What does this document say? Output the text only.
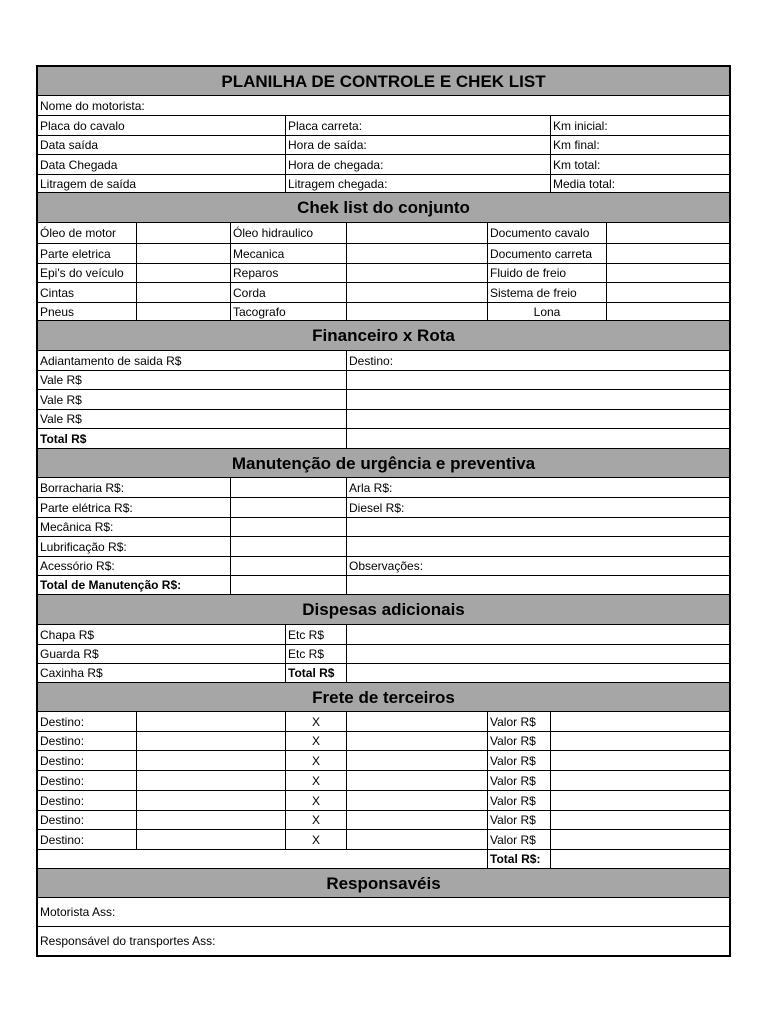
PLANILHA DE CONTROLE E CHEK LIST
Nome do motorista:
Placa do cavalo	Placa carreta:	Km inicial:
Data saída	Hora de saída:	Km final:
Data Chegada	Hora de chegada:	Km total:
Litragem de saída	Litragem chegada:	Media total:
Chek list do conjunto
Óleo de motor	Óleo hidraulico	Documento cavalo
Parte eletrica	Mecanica	Documento carreta
Epi's do veículo	Reparos	Fluido de freio
Cintas	Corda	Sistema de freio
Pneus	Tacografo	Lona
Financeiro x Rota
Adiantamento de saida R$	Destino:
Vale R$
Vale R$
Vale R$
Total R$
Manutenção de urgência e preventiva
Borracharia R$:	Arla R$:
Parte elétrica R$:	Diesel R$:
Mecânica R$:
Lubrificação R$:
Acessório R$:	Observações:
Total de Manutenção R$:
Dispesas adicionais
Chapa R$	Etc R$
Guarda R$	Etc R$
Caxinha R$	Total R$
Frete de terceiros
Destino:	X	Valor R$
Destino:	X	Valor R$
Destino:	X	Valor R$
Destino:	X	Valor R$
Destino:	X	Valor R$
Destino:	X	Valor R$
Destino:	X	Valor R$
Total R$:
Responsavéis
Motorista Ass:
Responsável do transportes Ass:
